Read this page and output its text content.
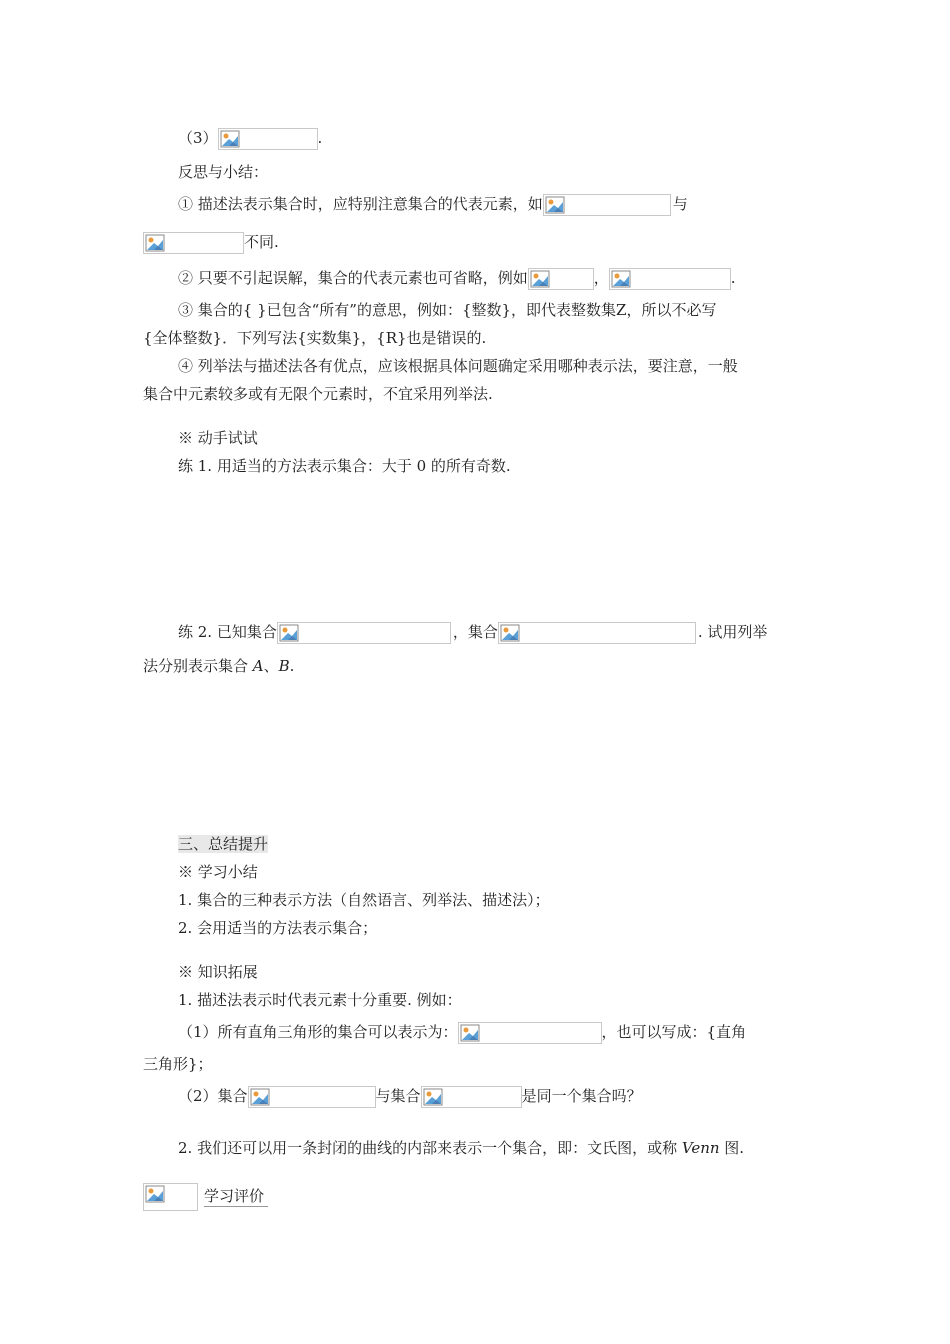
（3）	.
反思与小结：
① 描述法表示集合时，应特别注意集合的代表元素，如	与
不同.
② 只要不引起误解，集合的代表元素也可省略，例如	，	.
③ 集合的{ }已包含“所有”的意思，例如：{整数}，即代表整数集Z，所以不必写
{全体整数}．下列写法{实数集}，{R}也是错误的.
④ 列举法与描述法各有优点，应该根据具体问题确定采用哪种表示法，要注意，一般
集合中元素较多或有无限个元素时，不宜采用列举法.
※ 动手试试
练 1. 用适当的方法表示集合：大于 0 的所有奇数.
练 2. 已知集合	，集合	. 试用列举
法分别表示集合 A、B.
三、总结提升
※ 学习小结
1. 集合的三种表示方法（自然语言、列举法、描述法）；
2. 会用适当的方法表示集合；
※ 知识拓展
1. 描述法表示时代表元素十分重要. 例如：
（1）所有直角三角形的集合可以表示为：	，也可以写成：{直角
三角形}；
（2）集合	与集合	是同一个集合吗？
2. 我们还可以用一条封闭的曲线的内部来表示一个集合，即：文氏图，或称 Venn 图.
学习评价
